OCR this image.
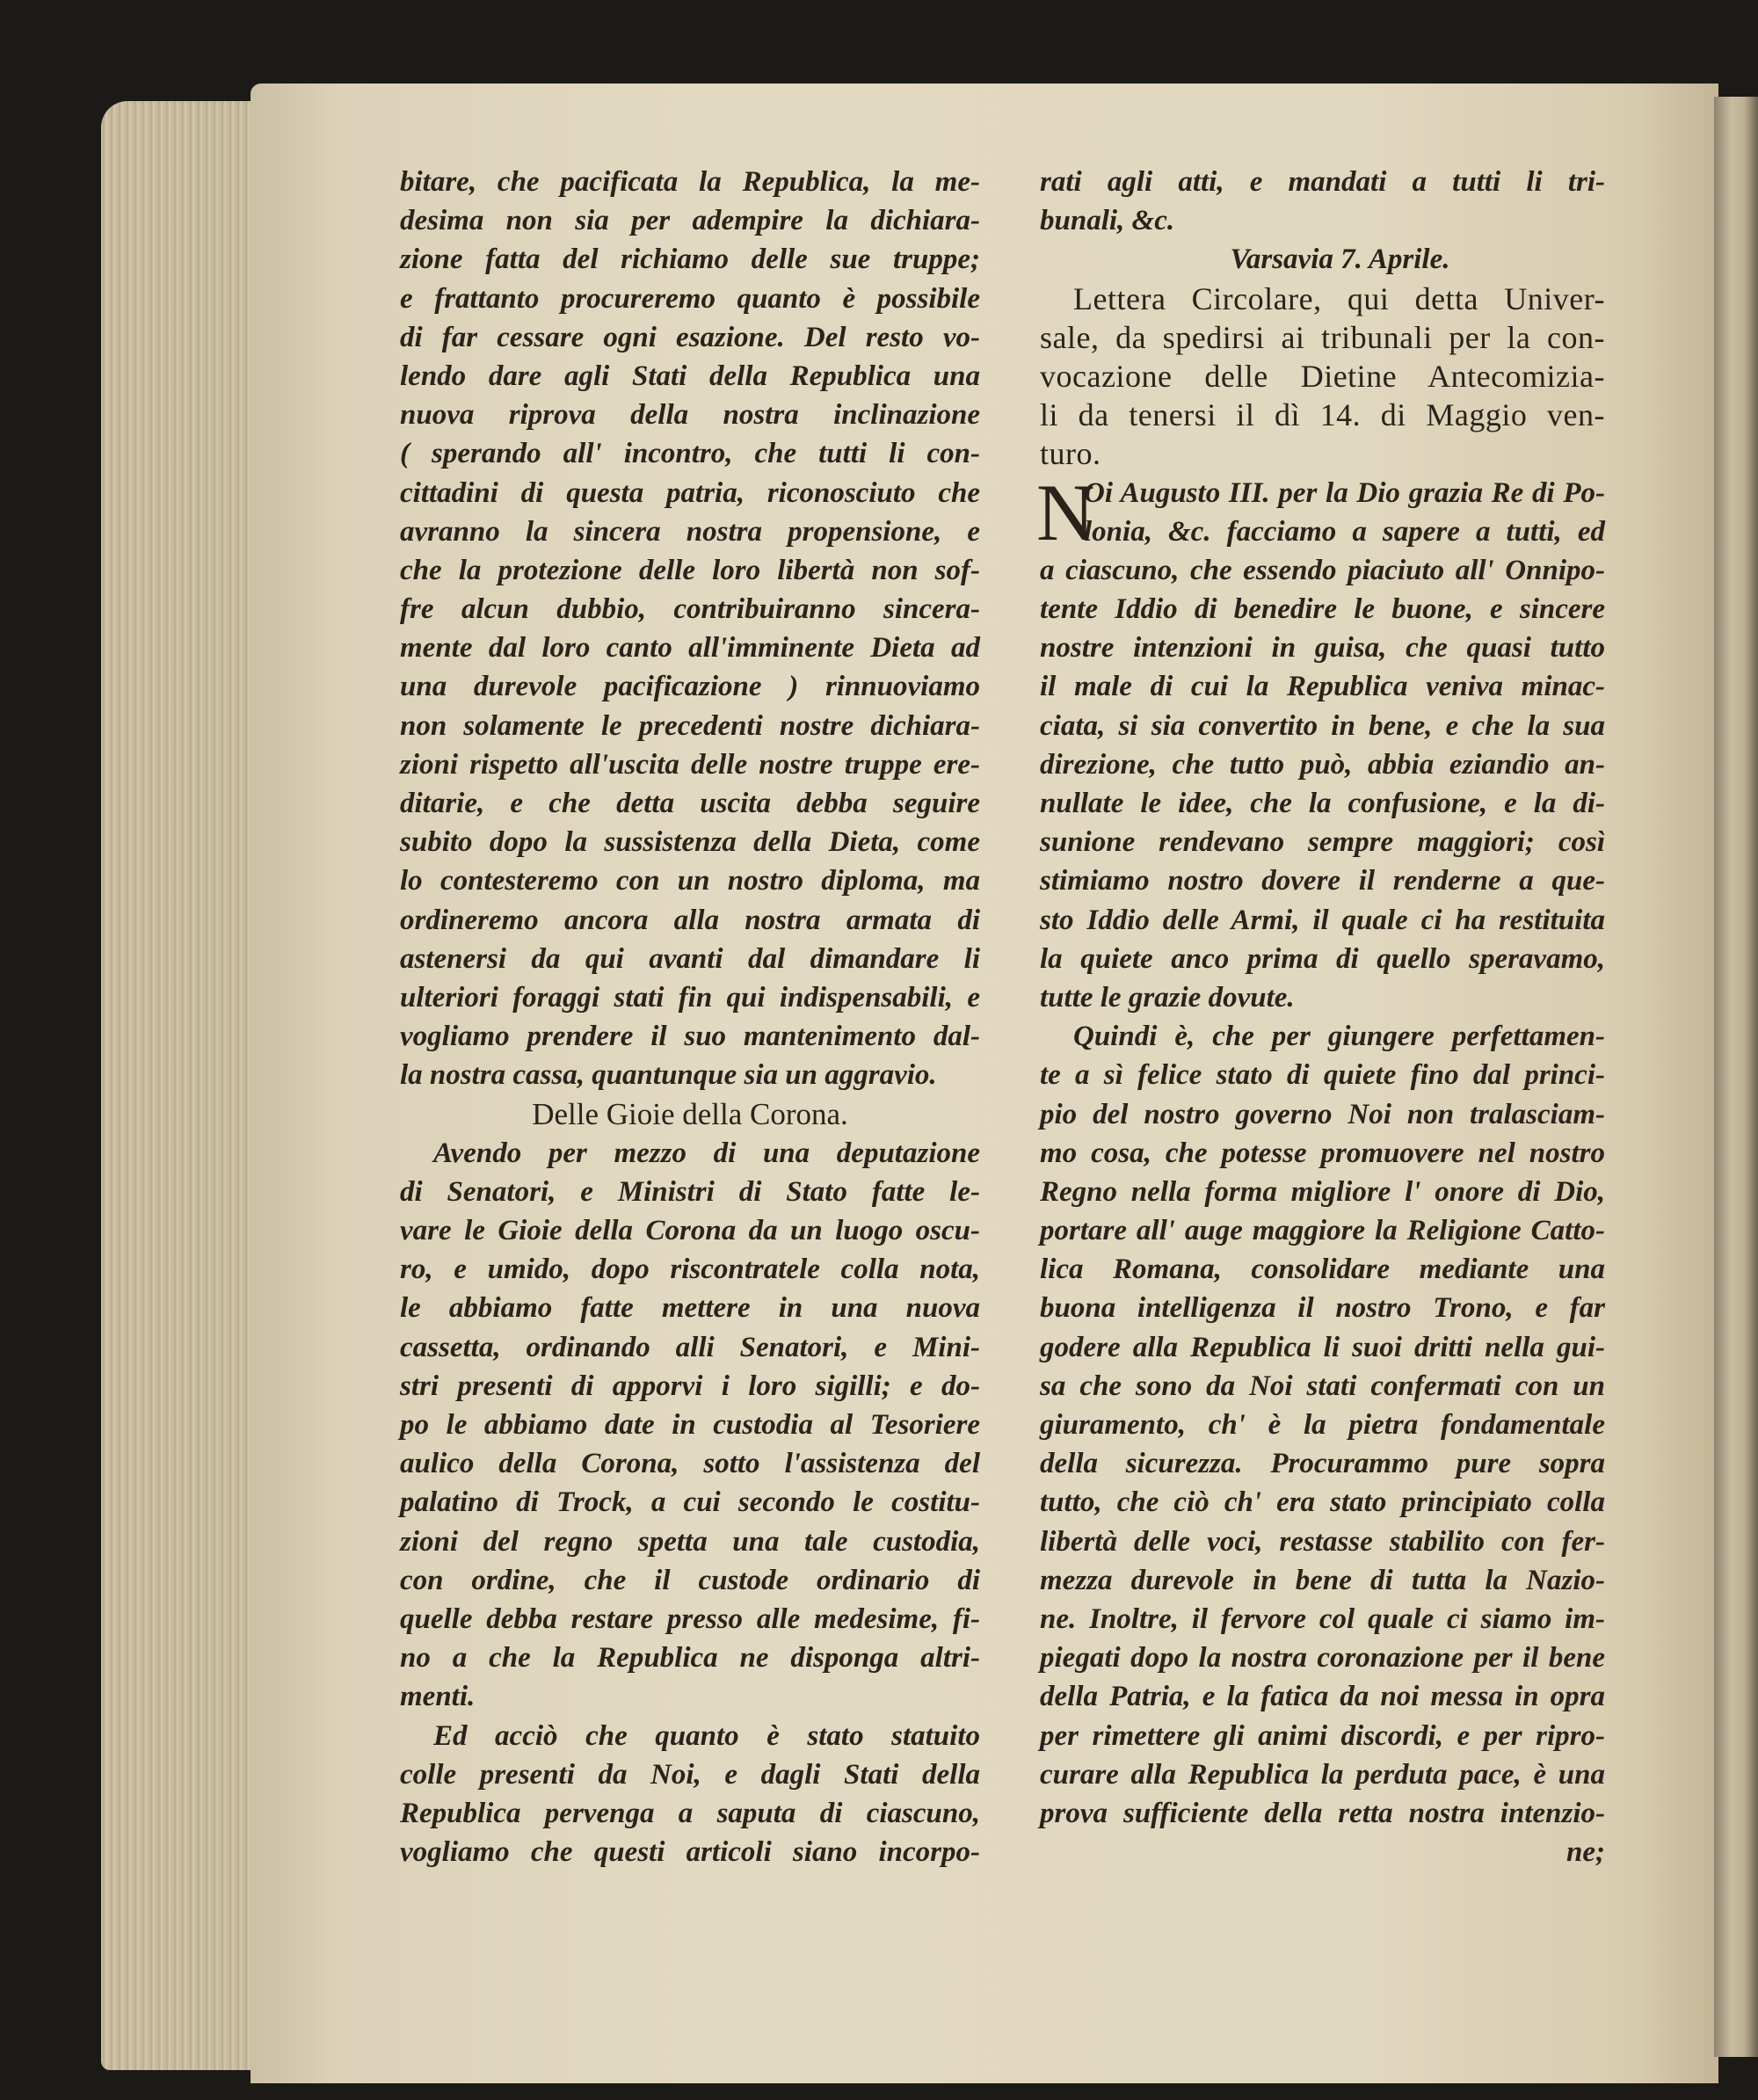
bitare, che pacificata la Republica, la me-
desima non sia per adempire la dichiara-
zione fatta del richiamo delle sue truppe;
e frattanto procureremo quanto è possibile
di far cessare ogni esazione. Del resto vo-
lendo dare agli Stati della Republica una
nuova riprova della nostra inclinazione
( sperando all' incontro, che tutti li con-
cittadini di questa patria, riconosciuto che
avranno la sincera nostra propensione, e
che la protezione delle loro libertà non sof-
fre alcun dubbio, contribuiranno sincera-
mente dal loro canto all'imminente Dieta ad
una durevole pacificazione ) rinnuoviamo
non solamente le precedenti nostre dichiara-
zioni rispetto all'uscita delle nostre truppe ere-
ditarie, e che detta uscita debba seguire
subito dopo la sussistenza della Dieta, come
lo contesteremo con un nostro diploma, ma
ordineremo ancora alla nostra armata di
astenersi da qui avanti dal dimandare li
ulteriori foraggi stati fin qui indispensabili, e
vogliamo prendere il suo mantenimento dal-
la nostra cassa, quantunque sia un aggravio.
Delle Gioie della Corona.
Avendo per mezzo di una deputazione
di Senatori, e Ministri di Stato fatte le-
vare le Gioie della Corona da un luogo oscu-
ro, e umido, dopo riscontratele colla nota,
le abbiamo fatte mettere in una nuova
cassetta, ordinando alli Senatori, e Mini-
stri presenti di apporvi i loro sigilli; e do-
po le abbiamo date in custodia al Tesoriere
aulico della Corona, sotto l'assistenza del
palatino di Trock, a cui secondo le costitu-
zioni del regno spetta una tale custodia,
con ordine, che il custode ordinario di
quelle debba restare presso alle medesime, fi-
no a che la Republica ne disponga altri-
menti.
Ed acciò che quanto è stato statuito
colle presenti da Noi, e dagli Stati della
Republica pervenga a saputa di ciascuno,
vogliamo che questi articoli siano incorpo-
rati agli atti, e mandati a tutti li tri-
bunali, &c.
Varsavia 7. Aprile.
Lettera Circolare, qui detta Univer-
sale, da spedirsi ai tribunali per la con-
vocazione delle Dietine Antecomizia-
li da tenersi il dì 14. di Maggio ven-
turo.
N
Oi Augusto III. per la Dio grazia Re di Po-
lonia, &c. facciamo a sapere a tutti, ed
a ciascuno, che essendo piaciuto all' Onnipo-
tente Iddio di benedire le buone, e sincere
nostre intenzioni in guisa, che quasi tutto
il male di cui la Republica veniva minac-
ciata, si sia convertito in bene, e che la sua
direzione, che tutto può, abbia eziandio an-
nullate le idee, che la confusione, e la di-
sunione rendevano sempre maggiori; così
stimiamo nostro dovere il renderne a que-
sto Iddio delle Armi, il quale ci ha restituita
la quiete anco prima di quello speravamo,
tutte le grazie dovute.
Quindi è, che per giungere perfettamen-
te a sì felice stato di quiete fino dal princi-
pio del nostro governo Noi non tralasciam-
mo cosa, che potesse promuovere nel nostro
Regno nella forma migliore l' onore di Dio,
portare all' auge maggiore la Religione Catto-
lica Romana, consolidare mediante una
buona intelligenza il nostro Trono, e far
godere alla Republica li suoi dritti nella gui-
sa che sono da Noi stati confermati con un
giuramento, ch' è la pietra fondamentale
della sicurezza. Procurammo pure sopra
tutto, che ciò ch' era stato principiato colla
libertà delle voci, restasse stabilito con fer-
mezza durevole in bene di tutta la Nazio-
ne. Inoltre, il fervore col quale ci siamo im-
piegati dopo la nostra coronazione per il bene
della Patria, e la fatica da noi messa in opra
per rimettere gli animi discordi, e per ripro-
curare alla Republica la perduta pace, è una
prova sufficiente della retta nostra intenzio-
ne;
